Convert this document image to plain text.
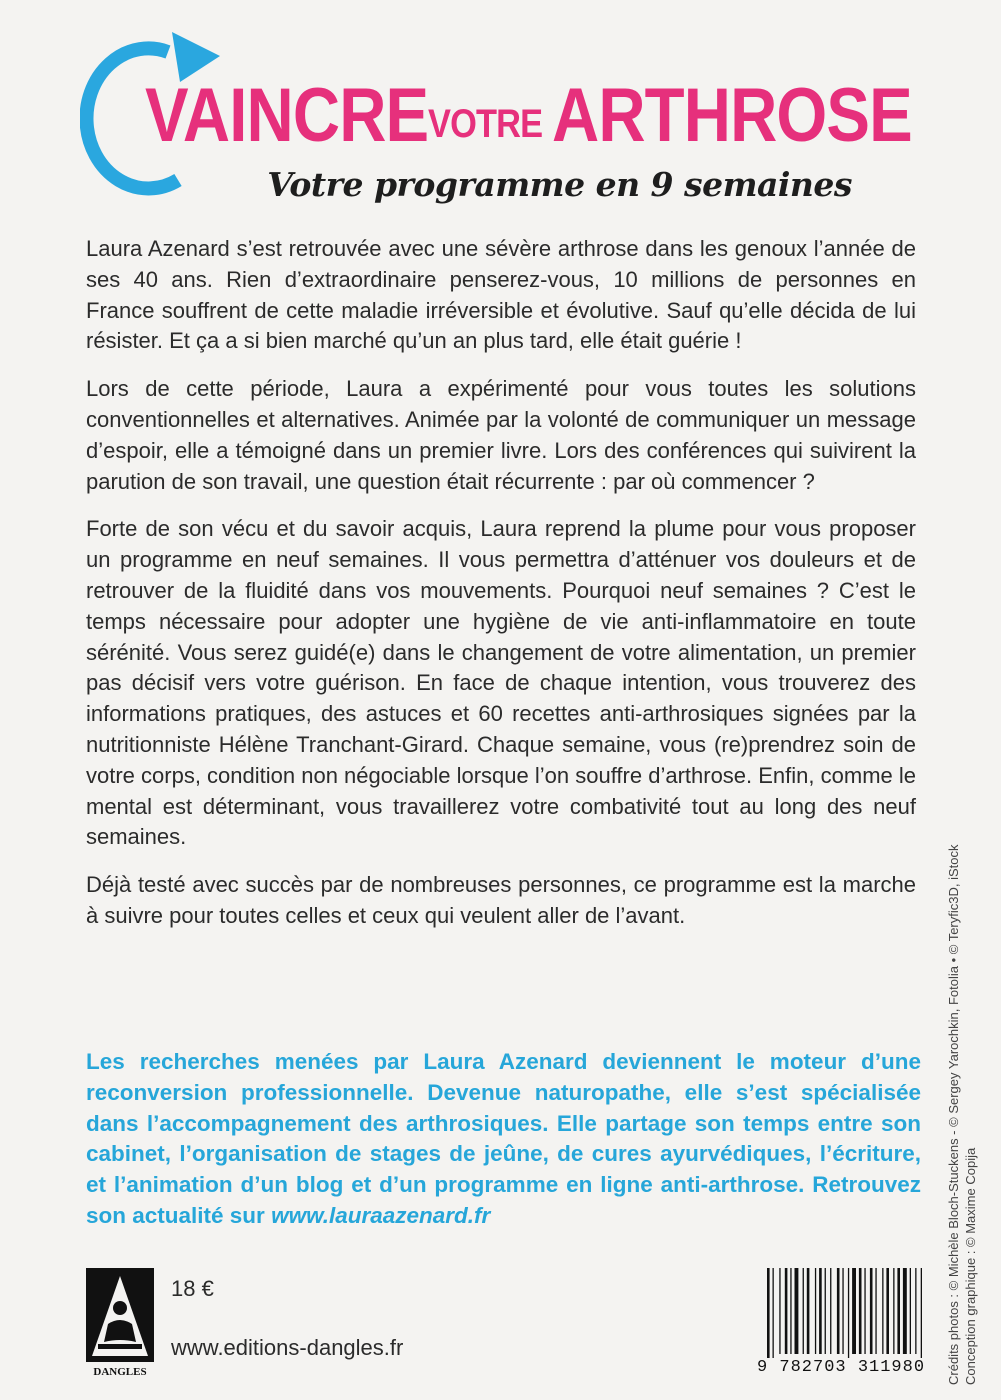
VAINCRE VOTRE ARTHROSE
Votre programme en 9 semaines

Laura Azenard s’est retrouvée avec une sévère arthrose dans les genoux l’année de ses 40 ans. Rien d’extraordinaire penserez-vous, 10 millions de personnes en France souffrent de cette maladie irréversible et évolutive. Sauf qu’elle décida de lui résister. Et ça a si bien marché qu’un an plus tard, elle était guérie !

Lors de cette période, Laura a expérimenté pour vous toutes les solutions conventionnelles et alternatives. Animée par la volonté de communiquer un message d’espoir, elle a témoigné dans un premier livre. Lors des conférences qui suivirent la parution de son travail, une question était récurrente : par où commencer ?

Forte de son vécu et du savoir acquis, Laura reprend la plume pour vous proposer un programme en neuf semaines. Il vous permettra d’atténuer vos douleurs et de retrouver de la fluidité dans vos mouvements. Pourquoi neuf semaines ? C’est le temps nécessaire pour adopter une hygiène de vie anti-inflammatoire en toute sérénité. Vous serez guidé(e) dans le changement de votre alimentation, un premier pas décisif vers votre guérison. En face de chaque intention, vous trouverez des informations pratiques, des astuces et 60 recettes anti-arthrosiques signées par la nutritionniste Hélène Tranchant-Girard. Chaque semaine, vous (re)prendrez soin de votre corps, condition non négociable lorsque l’on souffre d’arthrose. Enfin, comme le mental est déterminant, vous travaillerez votre combativité tout au long des neuf semaines.

Déjà testé avec succès par de nombreuses personnes, ce programme est la marche à suivre pour toutes celles et ceux qui veulent aller de l’avant.

Les recherches menées par Laura Azenard deviennent le moteur d’une reconversion professionnelle. Devenue naturopathe, elle s’est spécialisée dans l’accompagnement des arthrosiques. Elle partage son temps entre son cabinet, l’organisation de stages de jeûne, de cures ayurvédiques, l’écriture, et l’animation d’un blog et d’un programme en ligne anti-arthrose. Retrouvez son actualité sur www.lauraazenard.fr	Crédits photos : © Michèle Bloch-Stuckens - © Sergey Yarochkin, Fotolia • © Teryfic3D, iStock Conception graphique : © Maxime Copija
DANGLES
18 €
www.editions-dangles.fr
9 782703 311980
